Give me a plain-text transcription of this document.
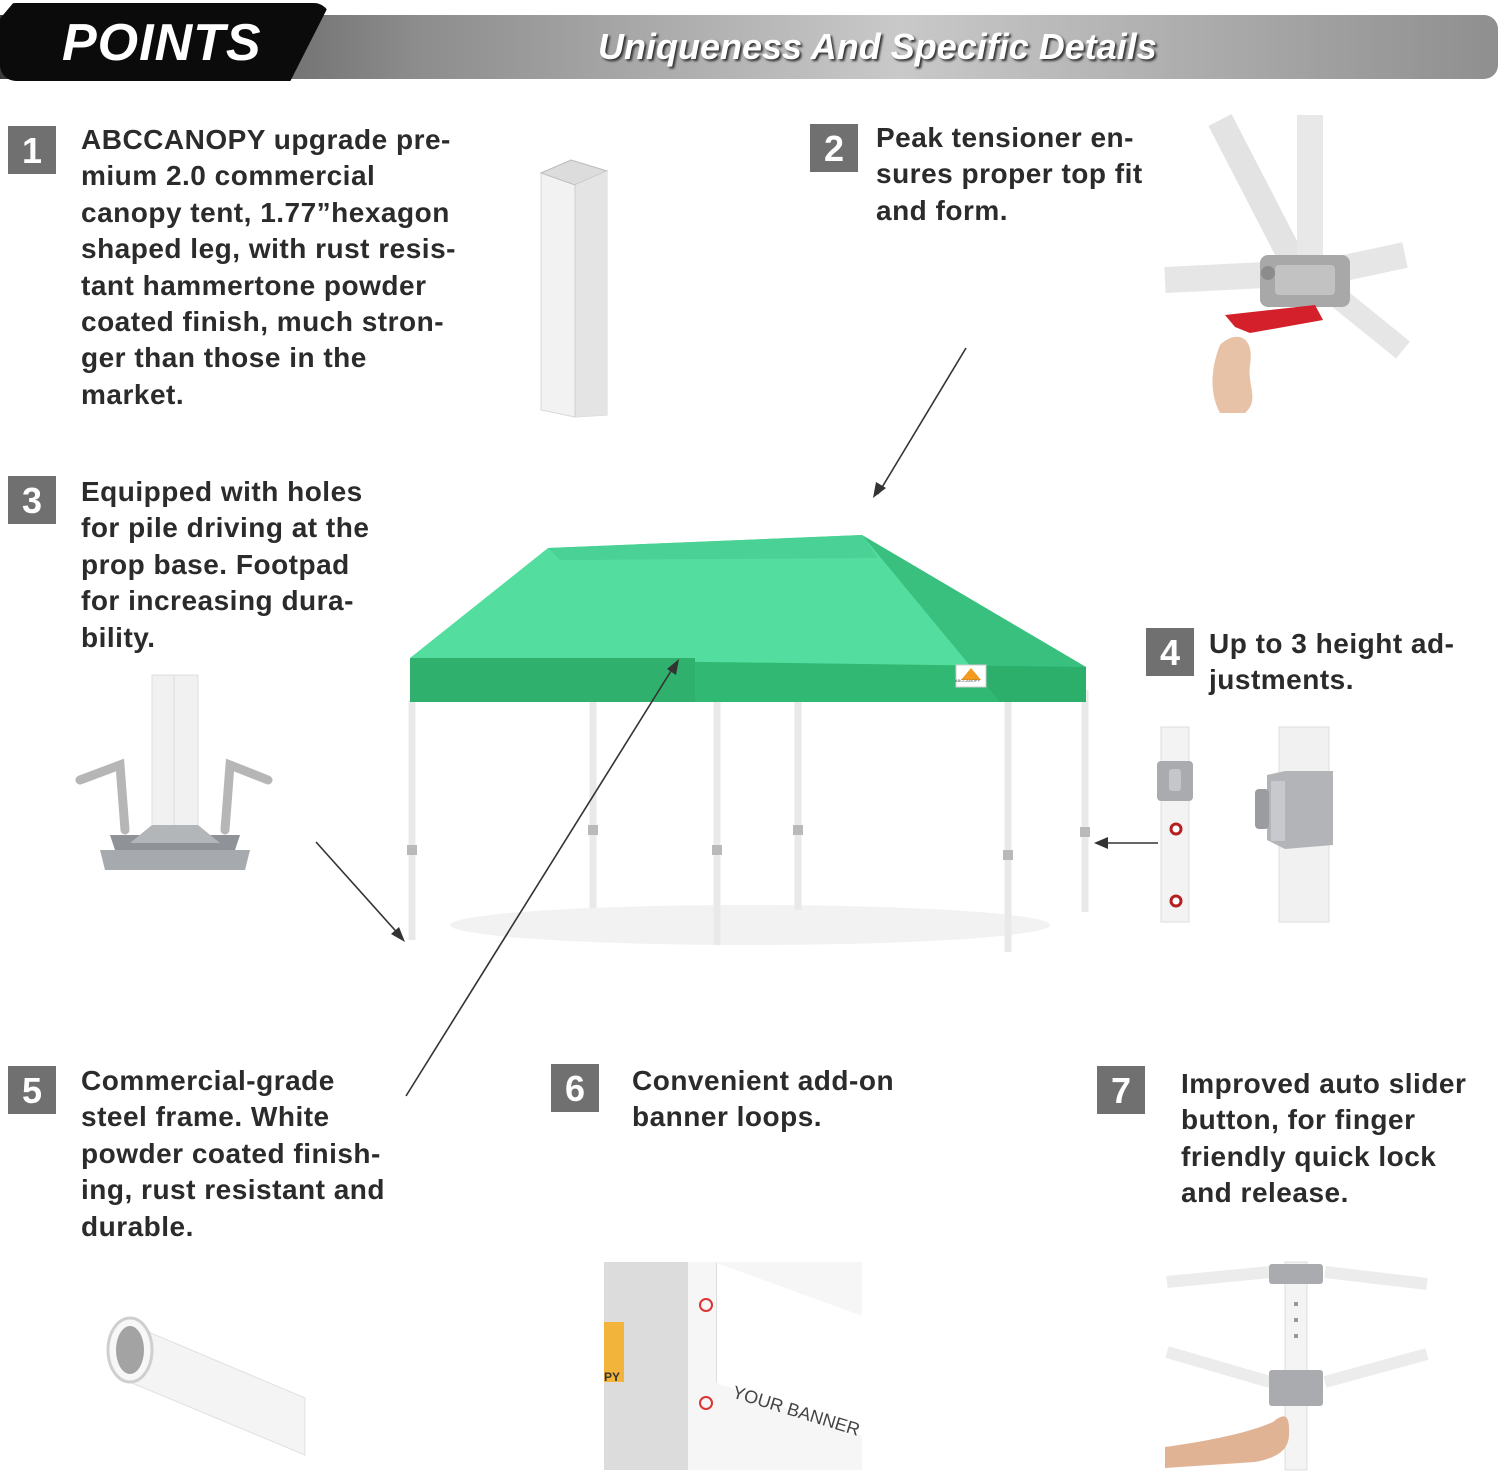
POINTS	Uniqueness And Specific Details
1	ABCCANOPY upgrade pre-
mium 2.0 commercial
canopy tent, 1.77”hexagon
shaped leg, with rust resis-
tant hammertone powder
coated finish, much stron-
ger than those in the
market.
2	Peak tensioner en-
sures proper top fit
and form.
3	Equipped with holes
for pile driving at the
prop base. Footpad
for increasing dura-
bility.
ABCCANOPY
4	Up to 3 height ad-
justments.
5	Commercial-grade
steel frame. White
powder coated finish-
ing, rust resistant and
durable.
6	Convenient add-on
banner loops.
PY
YOUR BANNER
7	Improved auto slider
button, for finger
friendly quick lock
and release.
